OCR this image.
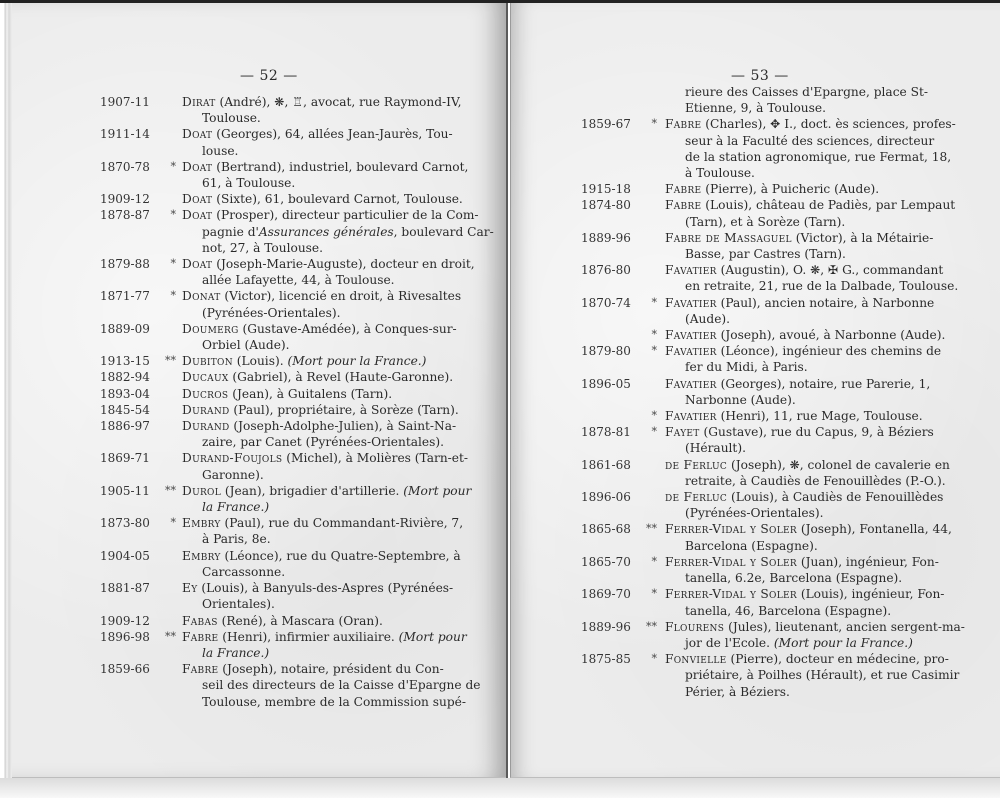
— 52 —
1907-11	Dirat (André), ❋, ♖, avocat, rue Raymond-IV,
Toulouse.
1911-14	Doat (Georges), 64, allées Jean-Jaurès, Tou-
louse.
1870-78	* Doat (Bertrand), industriel, boulevard Carnot,
61, à Toulouse.
1909-12	Doat (Sixte), 61, boulevard Carnot, Toulouse.
1878-87	* Doat (Prosper), directeur particulier de la Com-
pagnie d'Assurances générales, boulevard Car-
not, 27, à Toulouse.
1879-88	* Doat (Joseph-Marie-Auguste), docteur en droit,
allée Lafayette, 44, à Toulouse.
1871-77	* Donat (Victor), licencié en droit, à Rivesaltes
(Pyrénées-Orientales).
1889-09	Doumerg (Gustave-Amédée), à Conques-sur-
Orbiel (Aude).
1913-15	** Dubiton (Louis). (Mort pour la France.)
1882-94	Ducaux (Gabriel), à Revel (Haute-Garonne).
1893-04	Ducros (Jean), à Guitalens (Tarn).
1845-54	Durand (Paul), propriétaire, à Sorèze (Tarn).
1886-97	Durand (Joseph-Adolphe-Julien), à Saint-Na-
zaire, par Canet (Pyrénées-Orientales).
1869-71	Durand-Foujols (Michel), à Molières (Tarn-et-
Garonne).
1905-11	** Durol (Jean), brigadier d'artillerie. (Mort pour
la France.)
1873-80	* Embry (Paul), rue du Commandant-Rivière, 7,
à Paris, 8e.
1904-05	Embry (Léonce), rue du Quatre-Septembre, à
Carcassonne.
1881-87	Ey (Louis), à Banyuls-des-Aspres (Pyrénées-
Orientales).
1909-12	Fabas (René), à Mascara (Oran).
1896-98	** Fabre (Henri), infirmier auxiliaire. (Mort pour
la France.)
1859-66	Fabre (Joseph), notaire, président du Con-
seil des directeurs de la Caisse d'Epargne de
Toulouse, membre de la Commission supé-
— 53 —
rieure des Caisses d'Epargne, place St-
Etienne, 9, à Toulouse.
1859-67	* Fabre (Charles), ✥ I., doct. ès sciences, profes-
seur à la Faculté des sciences, directeur
de la station agronomique, rue Fermat, 18,
à Toulouse.
1915-18	Fabre (Pierre), à Puicheric (Aude).
1874-80	Fabre (Louis), château de Padiès, par Lempaut
(Tarn), et à Sorèze (Tarn).
1889-96	Fabre de Massaguel (Victor), à la Métairie-
Basse, par Castres (Tarn).
1876-80	Favatier (Augustin), O. ❋, ✠ G., commandant
en retraite, 21, rue de la Dalbade, Toulouse.
1870-74	* Favatier (Paul), ancien notaire, à Narbonne
(Aude).
* Favatier (Joseph), avoué, à Narbonne (Aude).
1879-80	* Favatier (Léonce), ingénieur des chemins de
fer du Midi, à Paris.
1896-05	Favatier (Georges), notaire, rue Parerie, 1,
Narbonne (Aude).
* Favatier (Henri), 11, rue Mage, Toulouse.
1878-81	* Fayet (Gustave), rue du Capus, 9, à Béziers
(Hérault).
1861-68	de Ferluc (Joseph), ❋, colonel de cavalerie en
retraite, à Caudiès de Fenouillèdes (P.-O.).
1896-06	de Ferluc (Louis), à Caudiès de Fenouillèdes
(Pyrénées-Orientales).
1865-68	** Ferrer-Vidal y Soler (Joseph), Fontanella, 44,
Barcelona (Espagne).
1865-70	* Ferrer-Vidal y Soler (Juan), ingénieur, Fon-
tanella, 6.2e, Barcelona (Espagne).
1869-70	* Ferrer-Vidal y Soler (Louis), ingénieur, Fon-
tanella, 46, Barcelona (Espagne).
1889-96	** Flourens (Jules), lieutenant, ancien sergent-ma-
jor de l'Ecole. (Mort pour la France.)
1875-85	* Fonvielle (Pierre), docteur en médecine, pro-
priétaire, à Poilhes (Hérault), et rue Casimir
Périer, à Béziers.
